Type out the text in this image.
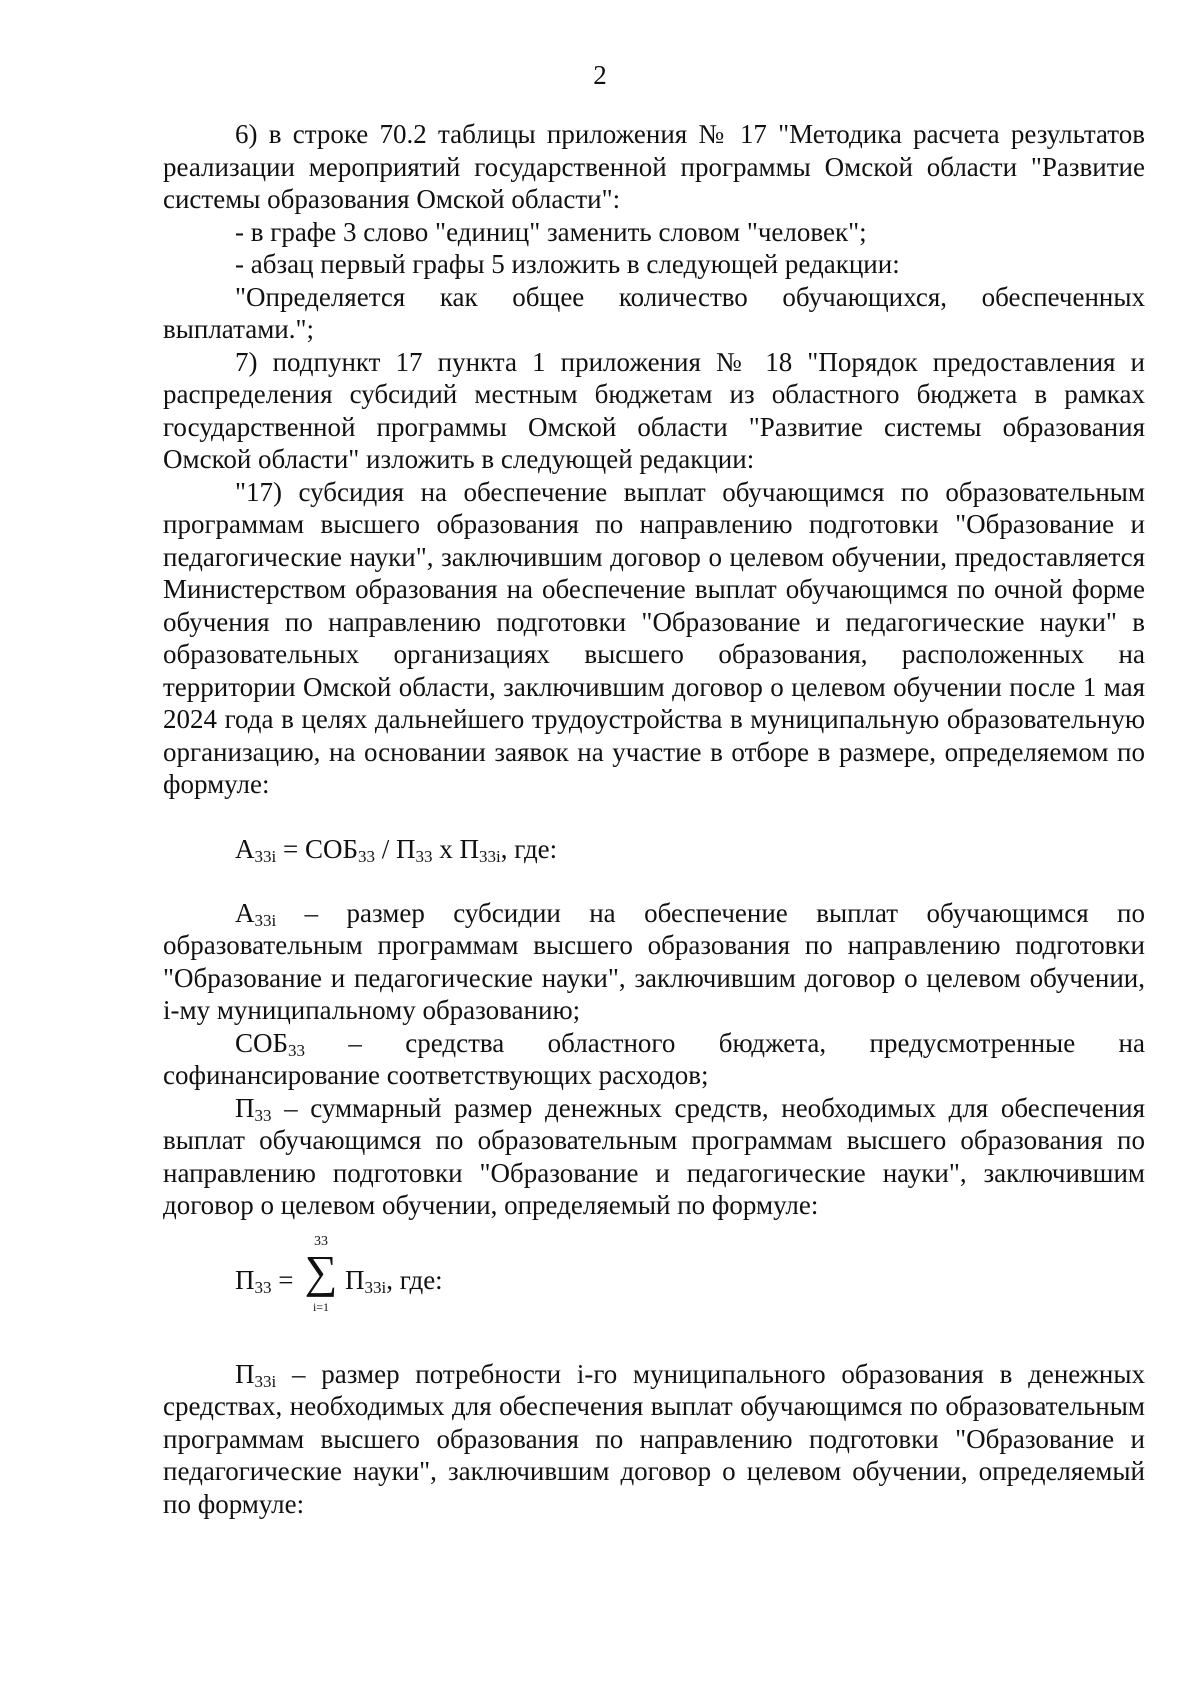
2

6) в строке 70.2 таблицы приложения № 17 "Методика расчета результатов реализации мероприятий государственной программы Омской области "Развитие системы образования Омской области":

- в графе 3 слово "единиц" заменить словом "человек";

- абзац первый графы 5 изложить в следующей редакции:

"Определяется как общее количество обучающихся, обеспеченных выплатами.";

7) подпункт 17 пункта 1 приложения № 18 "Порядок предоставления и распределения субсидий местным бюджетам из областного бюджета в рамках государственной программы Омской области "Развитие системы образования Омской области" изложить в следующей редакции:

"17) субсидия на обеспечение выплат обучающимся по образовательным программам высшего образования по направлению подготовки "Образование и педагогические науки", заключившим договор о целевом обучении, предоставляется Министерством образования на обеспечение выплат обучающимся по очной форме обучения по направлению подготовки "Образование и педагогические науки" в образовательных организациях высшего образования, расположенных на территории Омской области, заключившим договор о целевом обучении после 1 мая 2024 года в целях дальнейшего трудоустройства в муниципальную образовательную организацию, на основании заявок на участие в отборе в размере, определяемом по формуле:

$А_{33i} = СОБ_{33} / П_{33}$ х $П_{33i}$, где:

$А_{33i}$ – размер субсидии на обеспечение выплат обучающимся по образовательным программам высшего образования по направлению подготовки "Образование и педагогические науки", заключившим договор о целевом обучении, i-му муниципальному образованию;

$СОБ_{33}$ – средства областного бюджета, предусмотренные на софинансирование соответствующих расходов;

$П_{33}$ – суммарный размер денежных средств, необходимых для обеспечения выплат обучающимся по образовательным программам высшего образования по направлению подготовки "Образование и педагогические науки", заключившим договор о целевом обучении, определяемый по формуле:

$П_{33}$ =
33
∑
i=1
$П_{33i}$, где:

$П_{33i}$ – размер потребности i-го муниципального образования в денежных средствах, необходимых для обеспечения выплат обучающимся по образовательным программам высшего образования по направлению подготовки "Образование и педагогические науки", заключившим договор о целевом обучении, определяемый по формуле:
